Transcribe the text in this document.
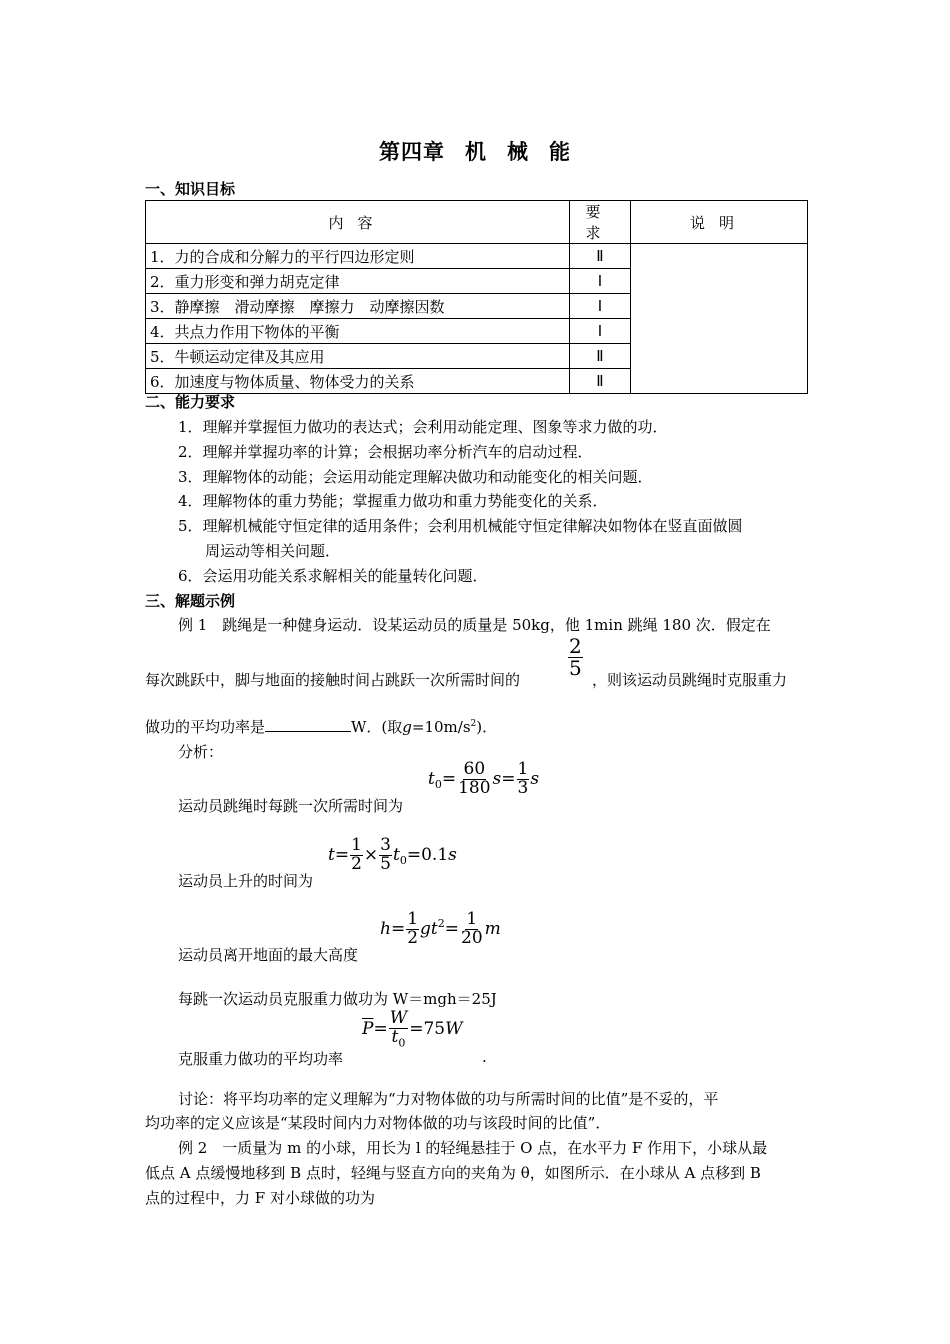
第四章 机 械 能
一、知识目标
内容	要求	说明
1．力的合成和分解力的平行四边形定则	Ⅱ	
2．重力形变和弹力胡克定律	Ⅰ	
3．静摩擦　滑动摩擦　摩擦力　动摩擦因数	Ⅰ	
4．共点力作用下物体的平衡	Ⅰ	
5．牛顿运动定律及其应用	Ⅱ	
6．加速度与物体质量、物体受力的关系	Ⅱ	
二、能力要求
1．理解并掌握恒力做功的表达式；会利用动能定理、图象等求力做的功．
2．理解并掌握功率的计算；会根据功率分析汽车的启动过程．
3．理解物体的动能；会运用动能定理解决做功和动能变化的相关问题．
4．理解物体的重力势能；掌握重力做功和重力势能变化的关系．
5．理解机械能守恒定律的适用条件；会利用机械能守恒定律解决如物体在竖直面做圆
周运动等相关问题．
6．会运用功能关系求解相关的能量转化问题．
三、解题示例
例 1　跳绳是一种健身运动．设某运动员的质量是 50kg，他 1min 跳绳 180 次．假定在
每次跳跃中，脚与地面的接触时间占跳跃一次所需时间的
$\frac{2}{5}$
，则该运动员跳绳时克服重力
做功的平均功率是	W．(取$g=10m/s^2$)．
分析：
运动员跳绳时每跳一次所需时间为
$t_0= \frac{60}{180} s= \frac{1}{3}$ s
运动员上升的时间为
$t= \frac{1}{2} \times \frac{3}{5} t_0=0.1s$
运动员离开地面的最大高度
$h= \frac{1}{2} gt^2= \frac{1}{20}$ m
每跳一次运动员克服重力做功为 W＝mgh＝25J
克服重力做功的平均功率
$\overline{P}= \frac{W}{t_0} =75W$
.
讨论：将平均功率的定义理解为“力对物体做的功与所需时间的比值”是不妥的，平
均功率的定义应该是“某段时间内力对物体做的功与该段时间的比值”．
例 2　一质量为 m 的小球，用长为 l 的轻绳悬挂于 O 点，在水平力 F 作用下，小球从最
低点 A 点缓慢地移到 B 点时，轻绳与竖直方向的夹角为 θ，如图所示．在小球从 A 点移到 B
点的过程中，力 F 对小球做的功为
